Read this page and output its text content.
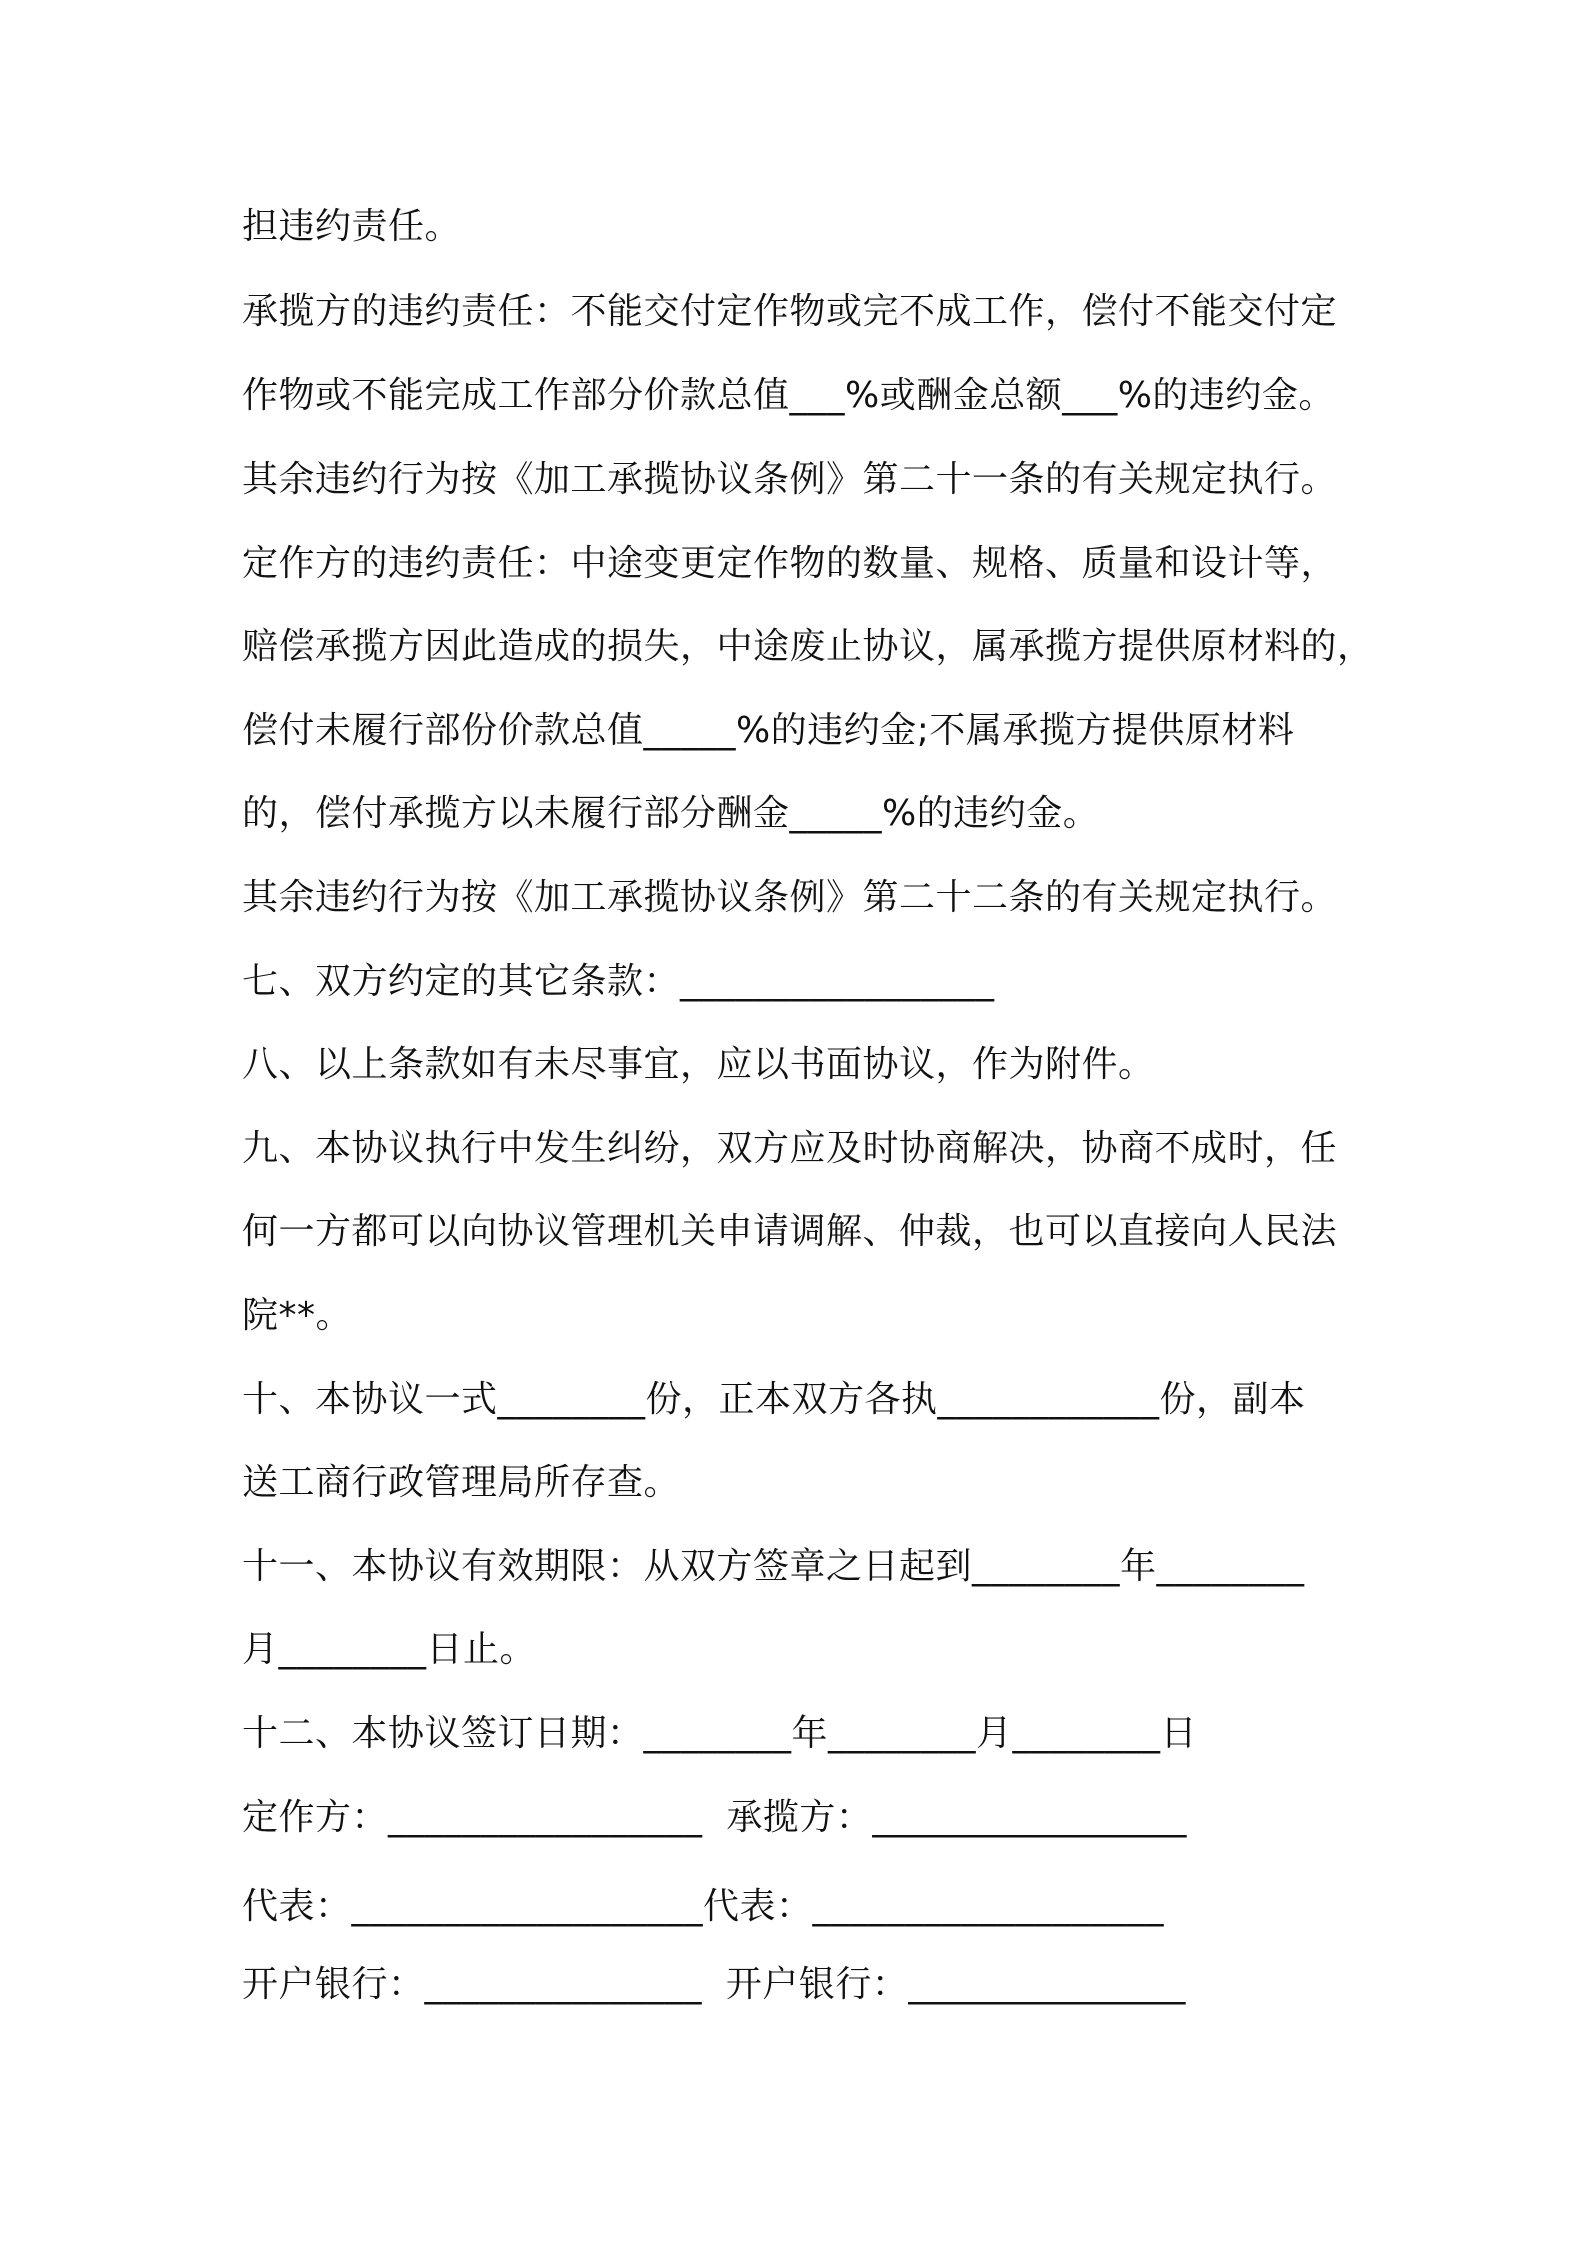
担违约责任。
承揽方的违约责任：不能交付定作物或完不成工作，偿付不能交付定
作物或不能完成工作部分价款总值___%或酬金总额___%的违约金。
其余违约行为按《加工承揽协议条例》第二十一条的有关规定执行。
定作方的违约责任：中途变更定作物的数量、规格、质量和设计等，
赔偿承揽方因此造成的损失，中途废止协议，属承揽方提供原材料的，
偿付未履行部份价款总值_____%的违约金;不属承揽方提供原材料
的，偿付承揽方以未履行部分酬金_____%的违约金。
其余违约行为按《加工承揽协议条例》第二十二条的有关规定执行。
七、双方约定的其它条款：_________________
八、以上条款如有未尽事宜，应以书面协议，作为附件。
九、本协议执行中发生纠纷，双方应及时协商解决，协商不成时，任
何一方都可以向协议管理机关申请调解、仲裁，也可以直接向人民法
院**。
十、本协议一式________份，正本双方各执____________份，副本
送工商行政管理局所存查。
十一、本协议有效期限：从双方签章之日起到________年________
月________日止。
十二、本协议签订日期：________年________月________日
定作方：_________________  承揽方：_________________
代表：___________________代表：___________________
开户银行：_______________  开户银行：_______________
